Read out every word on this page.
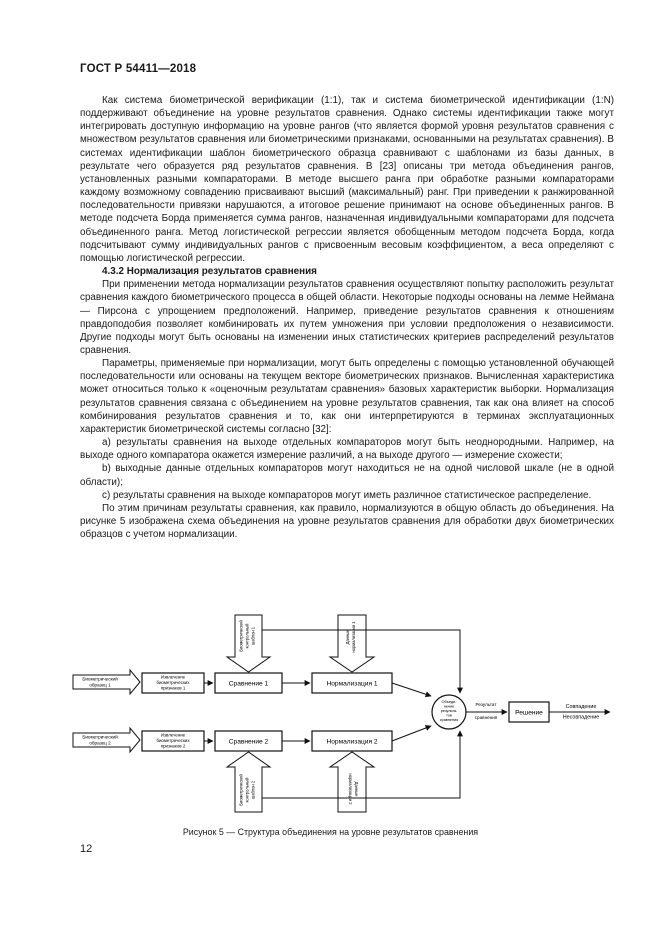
ГОСТ Р 54411—2018

Как система биометрической верификации (1:1), так и система биометрической идентификации (1:N) поддерживают объединение на уровне результатов сравнения. Однако системы идентификации также могут интегрировать доступную информацию на уровне рангов (что является формой уровня результатов сравнения с множеством результатов сравнения или биометрическими признаками, основанными на результатах сравнения). В системах идентификации шаблон биометрического образца сравнивают с шаблонами из базы данных, в результате чего образуется ряд результатов сравнения. В [23] описаны три метода объединения рангов, установленных разными компараторами. В методе высшего ранга при обработке разными компараторами каждому возможному совпадению присваивают высший (максимальный) ранг. При приведении к ранжированной последовательности привязки нарушаются, а итоговое решение принимают на основе объединенных рангов. В методе подсчета Борда применяется сумма рангов, назначенная индивидуальными компараторами для подсчета объединенного ранга. Метод логистической регрессии является обобщенным методом подсчета Борда, когда подсчитывают сумму индивидуальных рангов с присвоенным весовым коэффициентом, а веса определяют с помощью логистической регрессии.

4.3.2 Нормализация результатов сравнения

При применении метода нормализации результатов сравнения осуществляют попытку расположить результат сравнения каждого биометрического процесса в общей области. Некоторые подходы основаны на лемме Неймана — Пирсона с упрощением предположений. Например, приведение результатов сравнения к отношениям правдоподобия позволяет комбинировать их путем умножения при условии предположения о независимости. Другие подходы могут быть основаны на изменении иных статистических критериев распределений результатов сравнения.

Параметры, применяемые при нормализации, могут быть определены с помощью установленной обучающей последовательности или основаны на текущем векторе биометрических признаков. Вычисленная характеристика может относиться только к «оценочным результатам сравнения» базовых характеристик выборки. Нормализация результатов сравнения связана с объединением на уровне результатов сравнения, так как она влияет на способ комбинирования результатов сравнения и то, как они интерпретируются в терминах эксплуатационных характеристик биометрической системы согласно [32]:

а) результаты сравнения на выходе отдельных компараторов могут быть неоднородными. Например, на выходе одного компаратора окажется измерение различий, а на выходе другого — измерение схожести;

b) выходные данные отдельных компараторов могут находиться не на одной числовой шкале (не в одной области);

с) результаты сравнения на выходе компараторов могут иметь различное статистическое распределение.

По этим причинам результаты сравнения, как правило, нормализуются в общую область до объединения. На рисунке 5 изображена схема объединения на уровне результатов сравнения для обработки двух биометрических образцов с учетом нормализации.

Биометрический
образец 1
Биометрический
образец 2
Извлечение
биометрических
признаков 1
Извлечение
биометрических
признаков 2
Сравнение 1
Сравнение 2
Нормализация 1
Нормализация 2
Биометрический контрольный шаблон 1	Данные нормализации 1
Биометрический контрольный шаблон 2	Данные
нормализации 2
Объеди-
нение
результа-
тов
сравнения
Результат
сравнения
Решение
Совпадение
Несовпадение
Рисунок 5 — Структура объединения на уровне результатов сравнения
12
